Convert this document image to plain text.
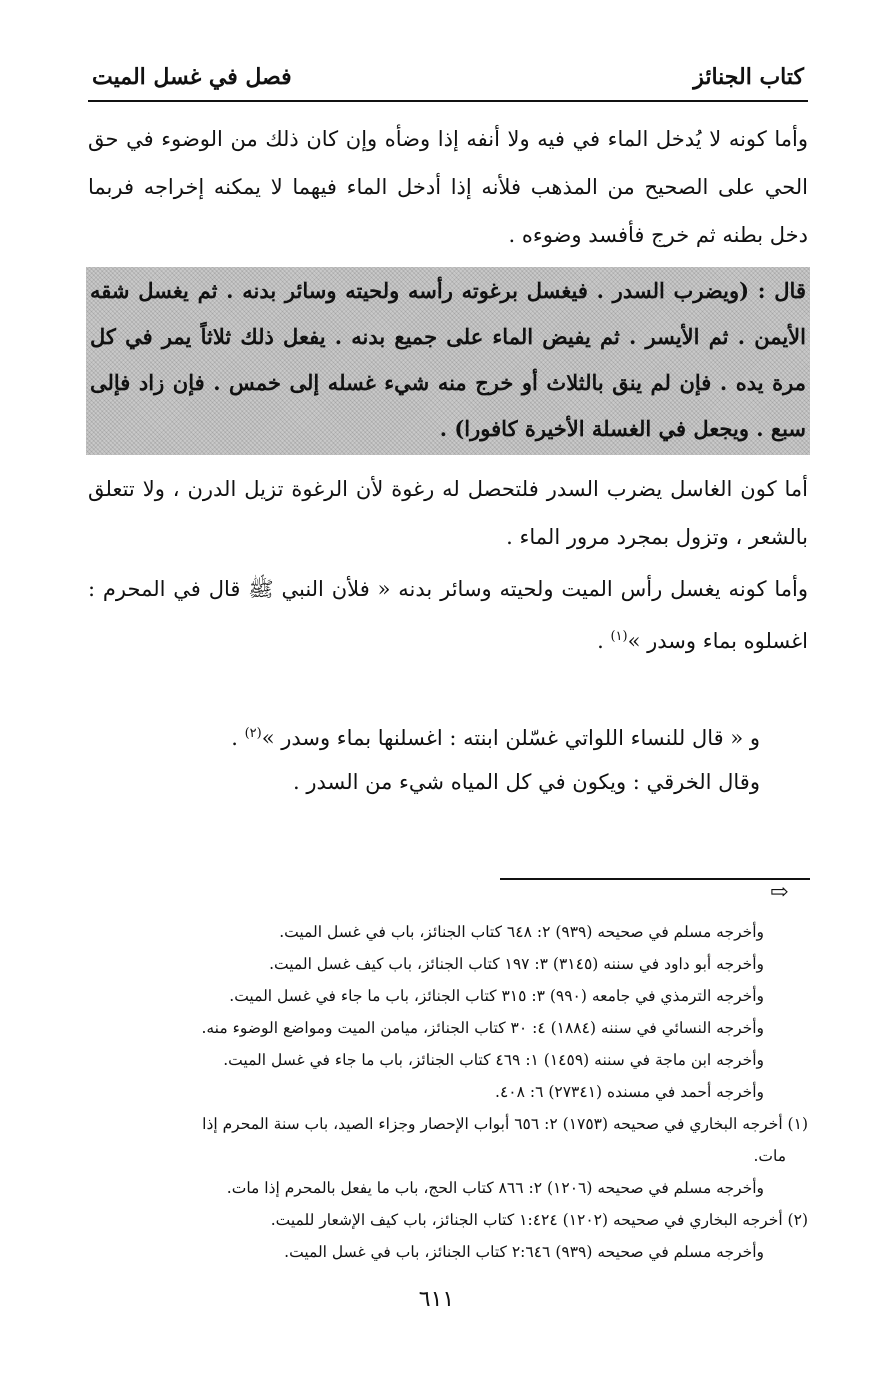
كتاب الجنائز
فصل في غسل الميت
وأما كونه لا يُدخل الماء في فيه ولا أنفه إذا وضأه وإن كان ذلك من الوضوء في حق الحي على الصحيح من المذهب فلأنه إذا أدخل الماء فيهما لا يمكنه إخراجه فربما دخل بطنه ثم خرج فأفسد وضوءه .
قال : (ويضرب السدر . فيغسل برغوته رأسه ولحيته وسائر بدنه . ثم يغسل شقه الأيمن . ثم الأيسر . ثم يفيض الماء على جميع بدنه . يفعل ذلك ثلاثاً يمر في كل مرة يده . فإن لم ينق بالثلاث أو خرج منه شيء غسله إلى خمس . فإن زاد فإلى سبع . ويجعل في الغسلة الأخيرة كافورا) .
أما كون الغاسل يضرب السدر فلتحصل له رغوة لأن الرغوة تزيل الدرن ، ولا تتعلق بالشعر ، وتزول بمجرد مرور الماء .
وأما كونه يغسل رأس الميت ولحيته وسائر بدنه « فلأن النبي ﷺ قال في المحرم : اغسلوه بماء وسدر »$^{(١)}$ .
و « قال للنساء اللواتي غسّلن ابنته : اغسلنها بماء وسدر »$^{(٢)}$ .
وقال الخرقي : ويكون في كل المياه شيء من السدر .
⇨
وأخرجه مسلم في صحيحه (٩٣٩) ٢: ٦٤٨ كتاب الجنائز، باب في غسل الميت.
وأخرجه أبو داود في سننه (٣١٤٥) ٣: ١٩٧ كتاب الجنائز، باب كيف غسل الميت.
وأخرجه الترمذي في جامعه (٩٩٠) ٣: ٣١٥ كتاب الجنائز، باب ما جاء في غسل الميت.
وأخرجه النسائي في سننه (١٨٨٤) ٤: ٣٠ كتاب الجنائز، ميامن الميت ومواضع الوضوء منه.
وأخرجه ابن ماجة في سننه (١٤٥٩) ١: ٤٦٩ كتاب الجنائز، باب ما جاء في غسل الميت.
وأخرجه أحمد في مسنده (٢٧٣٤١) ٦: ٤٠٨.
(١) أخرجه البخاري في صحيحه (١٧٥٣) ٢: ٦٥٦ أبواب الإحصار وجزاء الصيد، باب سنة المحرم إذا
مات.
وأخرجه مسلم في صحيحه (١٢٠٦) ٢: ٨٦٦ كتاب الحج، باب ما يفعل بالمحرم إذا مات.
(٢) أخرجه البخاري في صحيحه (١٢٠٢) ١:٤٢٤ كتاب الجنائز، باب كيف الإشعار للميت.
وأخرجه مسلم في صحيحه (٩٣٩) ٢:٦٤٦ كتاب الجنائز، باب في غسل الميت.
٦١١
